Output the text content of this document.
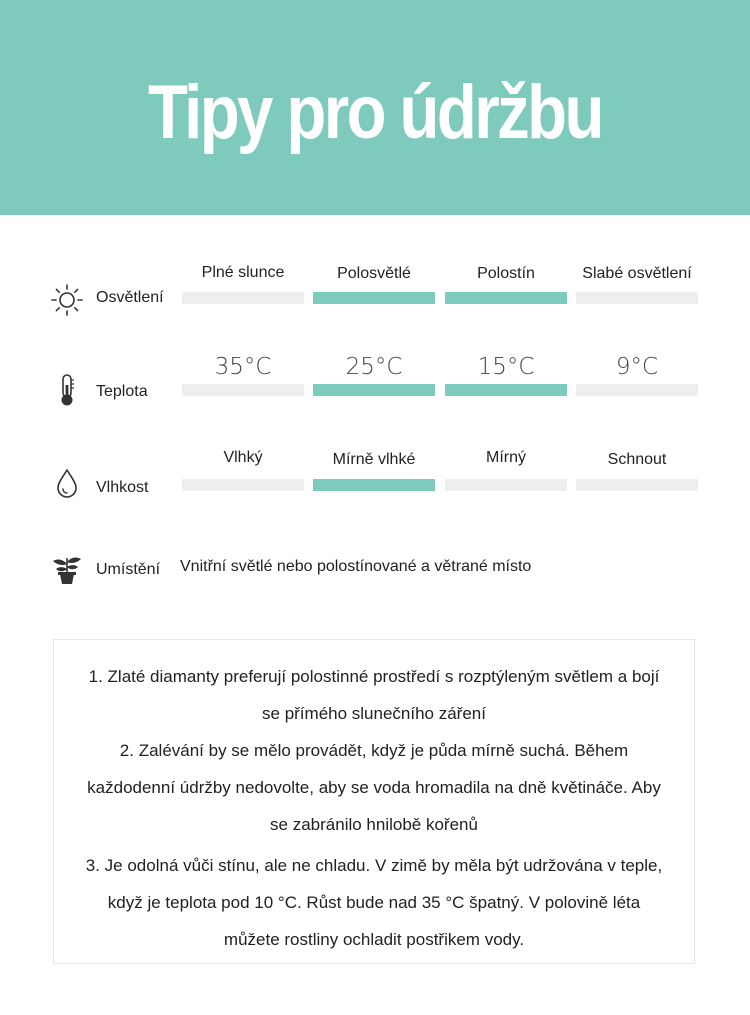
Tipy pro údržbu
Osvětlení
Plné slunce	Polosvětlé	Polostín	Slabé osvětlení
Teplota
35°C	25°C	15°C	9°C
Vlhkost
Vlhký	Mírně vlhké	Mírný	Schnout
Umístění Vnitřní světlé nebo polostínované a větrané místo

1. Zlaté diamanty preferují polostinné prostředí s rozptýleným světlem a bojí se přímého slunečního záření

2. Zalévání by se mělo provádět, když je půda mírně suchá. Během každodenní údržby nedovolte, aby se voda hromadila na dně květináče. Aby se zabránilo hnilobě kořenů

3. Je odolná vůči stínu, ale ne chladu. V zimě by měla být udržována v teple, když je teplota pod 10 °C. Růst bude nad 35 °C špatný. V polovině léta můžete rostliny ochladit postřikem vody.
